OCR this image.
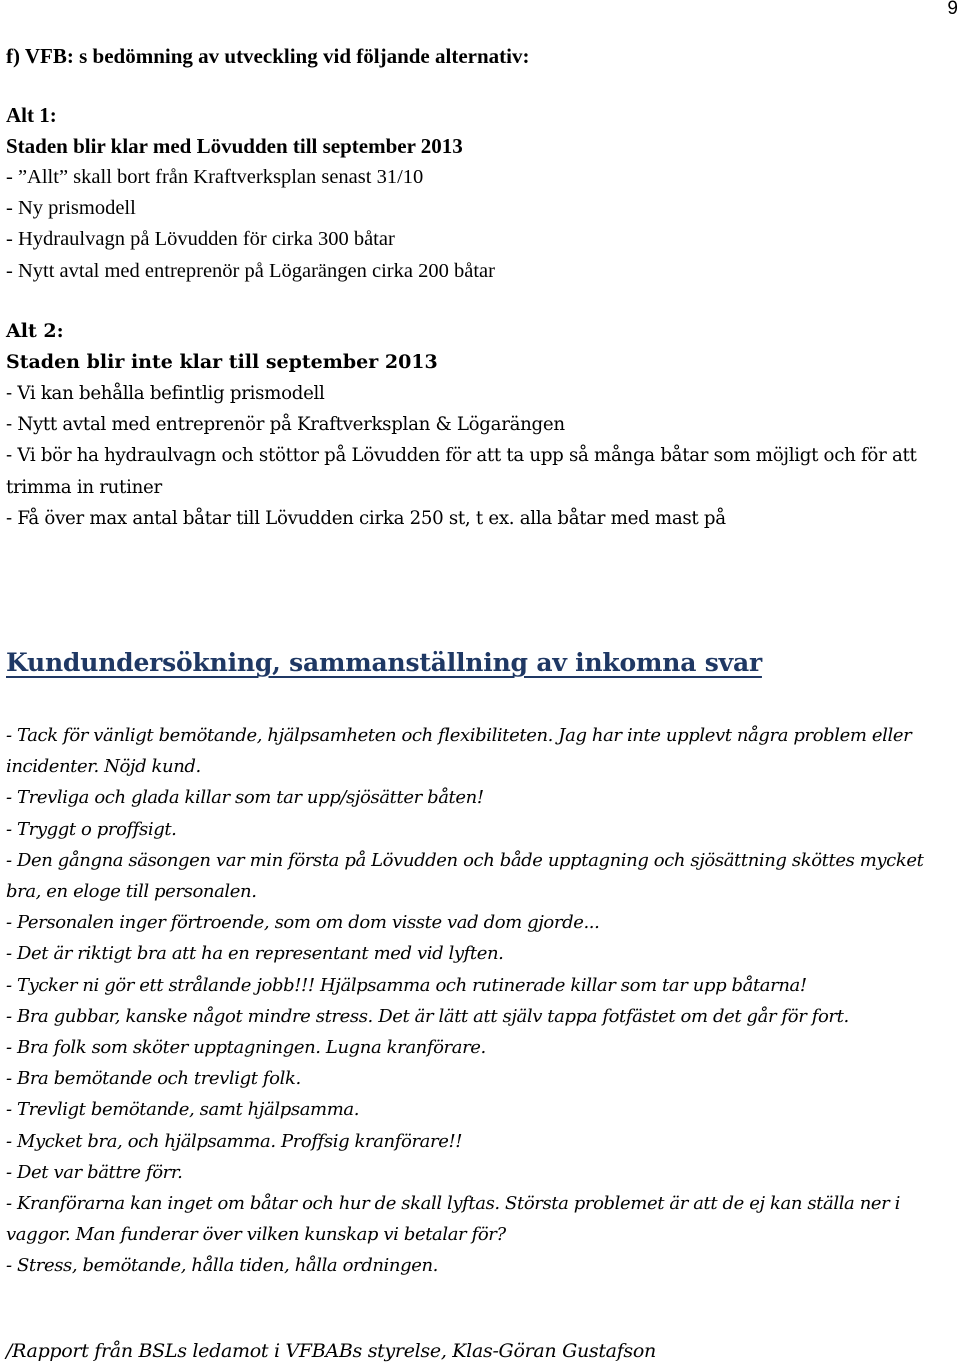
9
f) VFB: s bedömning av utveckling vid följande alternativ:

Alt 1:

Staden blir klar med Lövudden till september 2013

- ”Allt” skall bort från Kraftverksplan senast 31/10

- Ny prismodell

- Hydraulvagn på Lövudden för cirka 300 båtar

- Nytt avtal med entreprenör på Lögarängen cirka 200 båtar

Alt 2:

Staden blir inte klar till september 2013

- Vi kan behålla befintlig prismodell

- Nytt avtal med entreprenör på Kraftverksplan & Lögarängen

- Vi bör ha hydraulvagn och stöttor på Lövudden för att ta upp så många båtar som möjligt och för att trimma in rutiner

- Få över max antal båtar till Lövudden cirka 250 st, t ex. alla båtar med mast på

Kundundersökning, sammanställning av inkomna svar
- Tack för vänligt bemötande, hjälpsamheten och flexibiliteten. Jag har inte upplevt några problem eller incidenter. Nöjd kund.
- Trevliga och glada killar som tar upp/sjösätter båten!
- Tryggt o proffsigt.
- Den gångna säsongen var min första på Lövudden och både upptagning och sjösättning sköttes mycket bra, en eloge till personalen.
- Personalen inger förtroende, som om dom visste vad dom gjorde...
- Det är riktigt bra att ha en representant med vid lyften.
- Tycker ni gör ett strålande jobb!!! Hjälpsamma och rutinerade killar som tar upp båtarna!
- Bra gubbar, kanske något mindre stress. Det är lätt att själv tappa fotfästet om det går för fort.
- Bra folk som sköter upptagningen. Lugna kranförare.
- Bra bemötande och trevligt folk.
- Trevligt bemötande, samt hjälpsamma.
- Mycket bra, och hjälpsamma. Proffsig kranförare!!
- Det var bättre förr.
- Kranförarna kan inget om båtar och hur de skall lyftas. Största problemet är att de ej kan ställa ner i vaggor. Man funderar över vilken kunskap vi betalar för?
- Stress, bemötande, hålla tiden, hålla ordningen.

/Rapport från BSLs ledamot i VFBABs styrelse, Klas-Göran Gustafson
